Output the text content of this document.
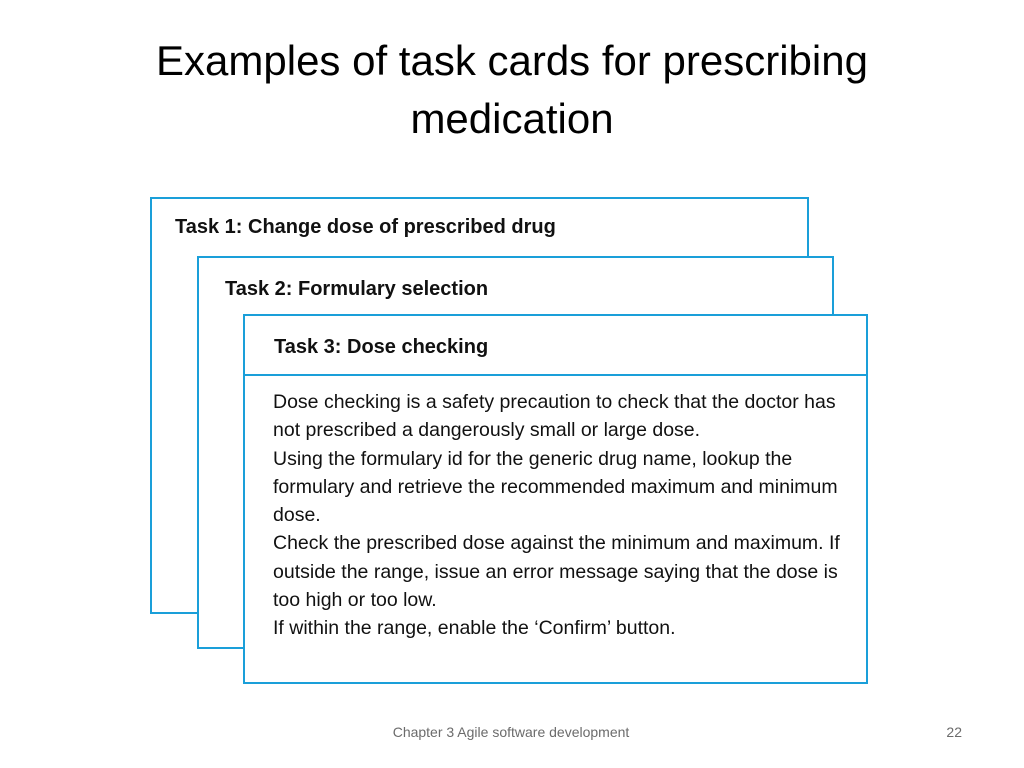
Examples of task cards for prescribing
medication
Task 1: Change dose of prescribed drug
Task 2: Formulary selection
Task 3: Dose checking

Dose checking is a safety precaution to check that the doctor has not prescribed a dangerously small or large dose.

Using the formulary id for the generic drug name, lookup the formulary and retrieve the recommended maximum and minimum dose.

Check the prescribed dose against the minimum and maximum. If outside the range, issue an error message saying that the dose is too high or too low.

If within the range, enable the ‘Confirm’ button.

Chapter 3 Agile software development	22
